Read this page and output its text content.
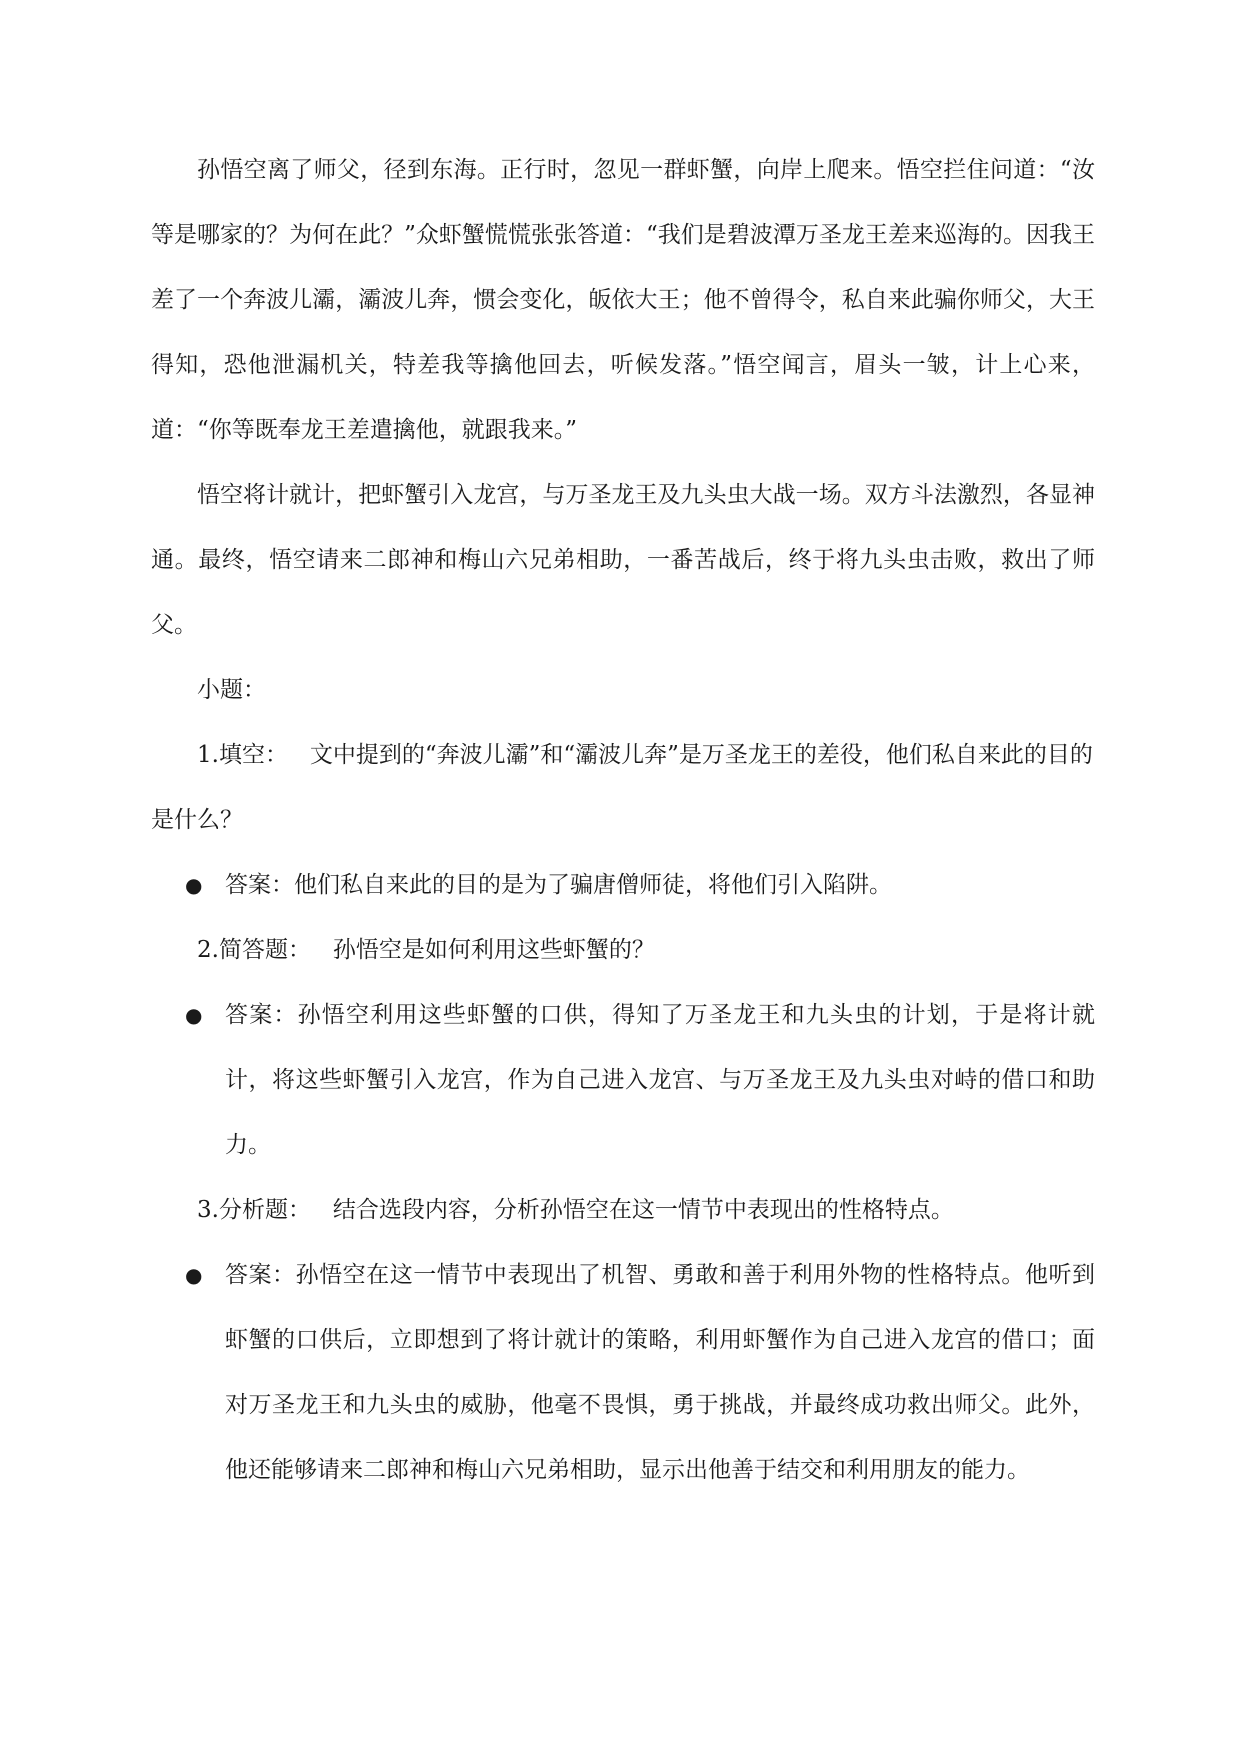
孙悟空离了师父，径到东海。正行时，忽见一群虾蟹，向岸上爬来。悟空拦住问道：“汝等是哪家的？为何在此？”众虾蟹慌慌张张答道：“我们是碧波潭万圣龙王差来巡海的。因我王差了一个奔波儿灞，灞波儿奔，惯会变化，皈依大王；他不曾得令，私自来此骗你师父，大王得知，恐他泄漏机关，特差我等擒他回去，听候发落。”悟空闻言，眉头一皱，计上心来，道：“你等既奉龙王差遣擒他，就跟我来。”

悟空将计就计，把虾蟹引入龙宫，与万圣龙王及九头虫大战一场。双方斗法激烈，各显神通。最终，悟空请来二郎神和梅山六兄弟相助，一番苦战后，终于将九头虫击败，救出了师父。

小题：

1.填空： 文中提到的“奔波儿灞”和“灞波儿奔”是万圣龙王的差役，他们私自来此的目的是什么？

● 答案：他们私自来此的目的是为了骗唐僧师徒，将他们引入陷阱。

2.简答题： 孙悟空是如何利用这些虾蟹的？

● 答案：孙悟空利用这些虾蟹的口供，得知了万圣龙王和九头虫的计划，于是将计就计，将这些虾蟹引入龙宫，作为自己进入龙宫、与万圣龙王及九头虫对峙的借口和助力。

3.分析题： 结合选段内容，分析孙悟空在这一情节中表现出的性格特点。

● 答案：孙悟空在这一情节中表现出了机智、勇敢和善于利用外物的性格特点。他听到虾蟹的口供后，立即想到了将计就计的策略，利用虾蟹作为自己进入龙宫的借口；面对万圣龙王和九头虫的威胁，他毫不畏惧，勇于挑战，并最终成功救出师父。此外，他还能够请来二郎神和梅山六兄弟相助，显示出他善于结交和利用朋友的能力。
